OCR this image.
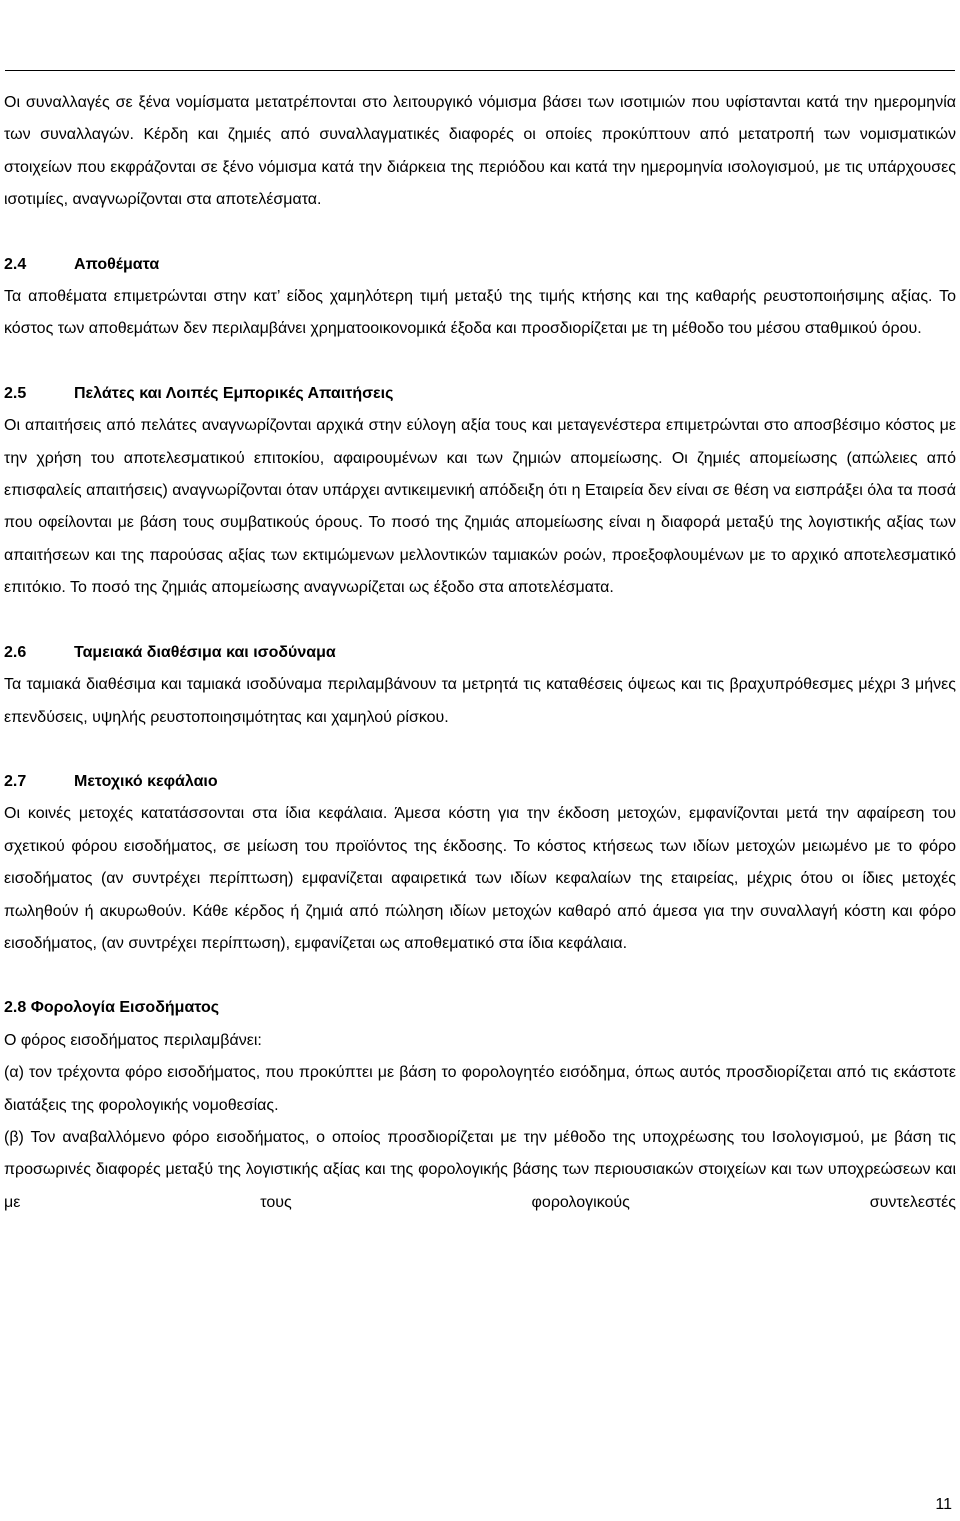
PETROSYS A.E.E.
Οικονομικές Καταστάσεις
της χρήσης από 1 Ιανουαρίου μέχρι 31 Δεκεμβρίου 2011

Οι συναλλαγές σε ξένα νομίσματα μετατρέπονται στο λειτουργικό νόμισμα βάσει των ισοτιμιών που υφίστανται κατά την ημερομηνία των συναλλαγών. Κέρδη και ζημιές από συναλλαγματικές διαφορές οι οποίες προκύπτουν από μετατροπή των νομισματικών στοιχείων που εκφράζονται σε ξένο νόμισμα κατά την διάρκεια της περιόδου και κατά την ημερομηνία ισολογισμού, με τις υπάρχουσες ισοτιμίες, αναγνωρίζονται στα αποτελέσματα.

2.4	Αποθέματα

Τα αποθέματα επιμετρώνται στην κατ’ είδος χαμηλότερη τιμή μεταξύ της τιμής κτήσης και της καθαρής ρευστοποιήσιμης αξίας. Το κόστος των αποθεμάτων δεν περιλαμβάνει χρηματοοικονομικά έξοδα και προσδιορίζεται με τη μέθοδο του μέσου σταθμικού όρου.

2.5	Πελάτες και Λοιπές Εμπορικές Απαιτήσεις

Οι απαιτήσεις από πελάτες αναγνωρίζονται αρχικά στην εύλογη αξία τους και μεταγενέστερα επιμετρώνται στο αποσβέσιμο κόστος με την χρήση του αποτελεσματικού επιτοκίου, αφαιρουμένων και των ζημιών απομείωσης. Οι ζημιές απομείωσης (απώλειες από επισφαλείς απαιτήσεις) αναγνωρίζονται όταν υπάρχει αντικειμενική απόδειξη ότι η Εταιρεία δεν είναι σε θέση να εισπράξει όλα τα ποσά που οφείλονται με βάση τους συμβατικούς όρους. Το ποσό της ζημιάς απομείωσης είναι η διαφορά μεταξύ της λογιστικής αξίας των απαιτήσεων και της παρούσας αξίας των εκτιμώμενων μελλοντικών ταμιακών ροών, προεξοφλουμένων με το αρχικό αποτελεσματικό επιτόκιο. Το ποσό της ζημιάς απομείωσης αναγνωρίζεται ως έξοδο στα αποτελέσματα.

2.6	Ταμειακά διαθέσιμα και ισοδύναμα

Τα ταμιακά διαθέσιμα και ταμιακά ισοδύναμα περιλαμβάνουν τα μετρητά τις καταθέσεις όψεως και τις βραχυπρόθεσμες μέχρι 3 μήνες επενδύσεις, υψηλής ρευστοποιησιμότητας και χαμηλού ρίσκου.

2.7	Μετοχικό κεφάλαιο

Οι κοινές μετοχές κατατάσσονται στα ίδια κεφάλαια. Άμεσα κόστη για την έκδοση μετοχών, εμφανίζονται μετά την αφαίρεση του σχετικού φόρου εισοδήματος, σε μείωση του προϊόντος της έκδοσης. Το κόστος κτήσεως των ιδίων μετοχών μειωμένο με το φόρο εισοδήματος (αν συντρέχει περίπτωση) εμφανίζεται αφαιρετικά των ιδίων κεφαλαίων της εταιρείας, μέχρις ότου οι ίδιες μετοχές πωληθούν ή ακυρωθούν. Κάθε κέρδος ή ζημιά από πώληση ιδίων μετοχών καθαρό από άμεσα για την συναλλαγή κόστη και φόρο εισοδήματος, (αν συντρέχει περίπτωση), εμφανίζεται ως αποθεματικό στα ίδια κεφάλαια.

2.8 Φορολογία Εισοδήματος

Ο φόρος εισοδήματος περιλαμβάνει:

(α) τον τρέχοντα φόρο εισοδήματος, που προκύπτει με βάση το φορολογητέο εισόδημα, όπως αυτός προσδιορίζεται από τις εκάστοτε διατάξεις της φορολογικής νομοθεσίας.

(β) Τον αναβαλλόμενο φόρο εισοδήματος, ο οποίος προσδιορίζεται με την μέθοδο της υποχρέωσης του Ισολογισμού, με βάση τις προσωρινές διαφορές μεταξύ της λογιστικής αξίας και της φορολογικής βάσης των περιουσιακών στοιχείων και των υποχρεώσεων και με τους φορολογικούς συντελεστές

11
